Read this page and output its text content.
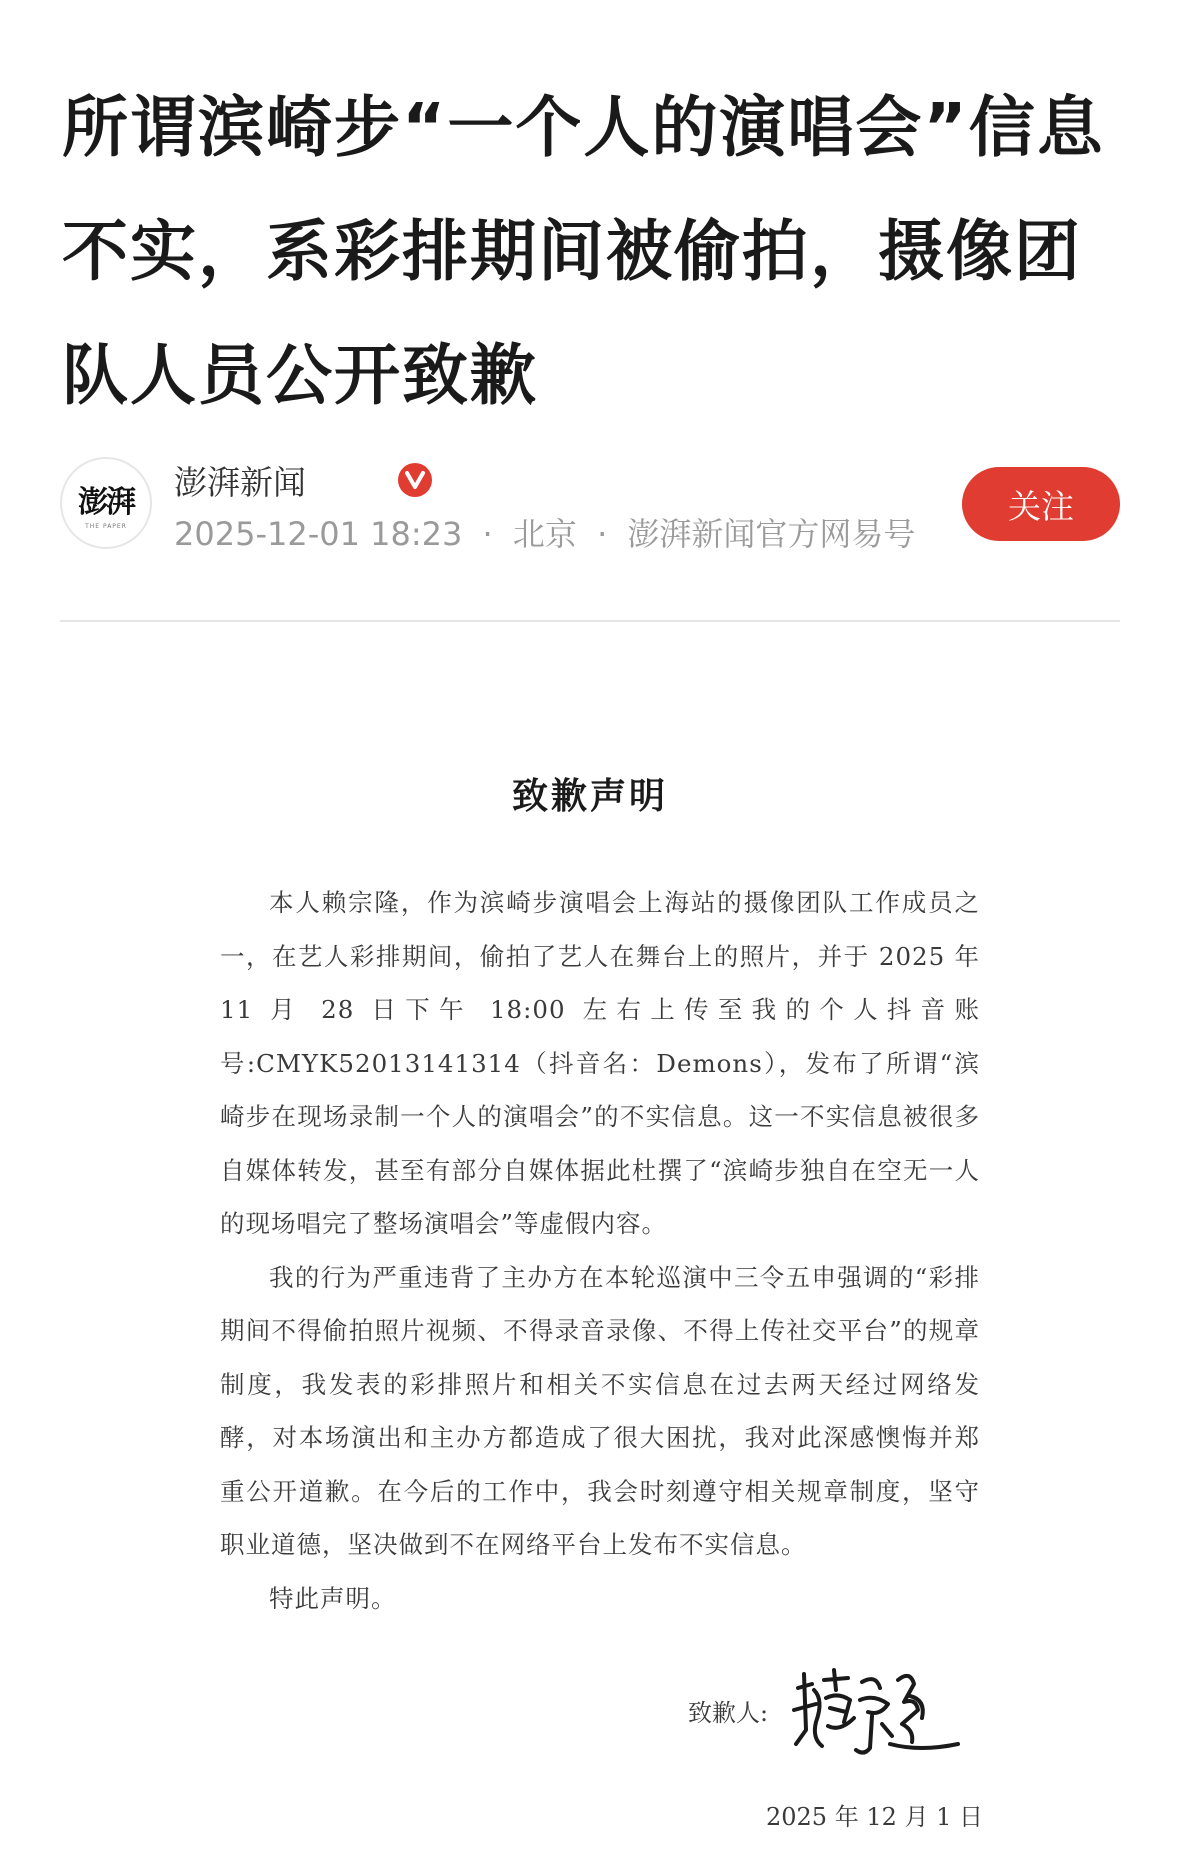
所谓滨崎步“一个人的演唱会”信息不实，系彩排期间被偷拍，摄像团队人员公开致歉
澎湃
THE PAPER
澎湃新闻
2025-12-01 18:23 · 北京 · 澎湃新闻官方网易号
关注
致歉声明

本人赖宗隆，作为滨崎步演唱会上海站的摄像团队工作成员之一，在艺人彩排期间，偷拍了艺人在舞台上的照片，并于 2025 年 11 月 28 日下午 18:00 左右上传至我的个人抖音账号:CMYK52013141314（抖音名：Demons），发布了所谓“滨崎步在现场录制一个人的演唱会”的不实信息。这一不实信息被很多自媒体转发，甚至有部分自媒体据此杜撰了“滨崎步独自在空无一人的现场唱完了整场演唱会”等虚假内容。

我的行为严重违背了主办方在本轮巡演中三令五申强调的“彩排期间不得偷拍照片视频、不得录音录像、不得上传社交平台”的规章制度，我发表的彩排照片和相关不实信息在过去两天经过网络发酵，对本场演出和主办方都造成了很大困扰，我对此深感懊悔并郑重公开道歉。在今后的工作中，我会时刻遵守相关规章制度，坚守职业道德，坚决做到不在网络平台上发布不实信息。

特此声明。

致歉人:
2025 年 12 月 1 日
